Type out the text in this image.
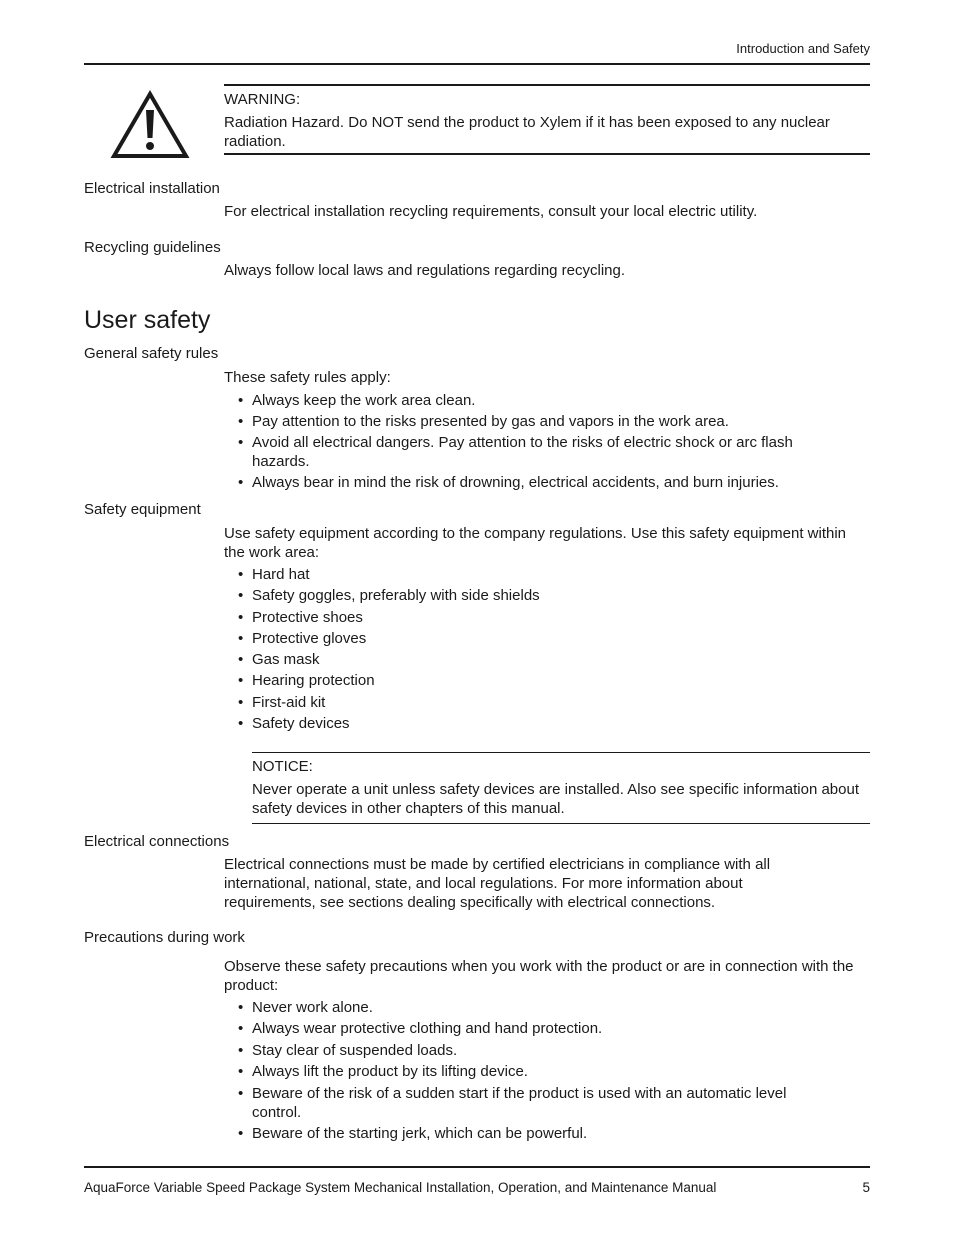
Introduction and Safety
WARNING:
Radiation Hazard. Do NOT send the product to Xylem if it has been exposed to any nuclear radiation.
Electrical installation
For electrical installation recycling requirements, consult your local electric utility.
Recycling guidelines
Always follow local laws and regulations regarding recycling.
User safety
General safety rules
These safety rules apply:
• Always keep the work area clean.
• Pay attention to the risks presented by gas and vapors in the work area.
• Avoid all electrical dangers. Pay attention to the risks of electric shock or arc flash hazards.
• Always bear in mind the risk of drowning, electrical accidents, and burn injuries.
Safety equipment
Use safety equipment according to the company regulations. Use this safety equipment within the work area:
• Hard hat
• Safety goggles, preferably with side shields
• Protective shoes
• Protective gloves
• Gas mask
• Hearing protection
• First-aid kit
• Safety devices
NOTICE:
Never operate a unit unless safety devices are installed. Also see specific information about safety devices in other chapters of this manual.
Electrical connections
Electrical connections must be made by certified electricians in compliance with all international, national, state, and local regulations. For more information about requirements, see sections dealing specifically with electrical connections.
Precautions during work
Observe these safety precautions when you work with the product or are in connection with the product:
• Never work alone.
• Always wear protective clothing and hand protection.
• Stay clear of suspended loads.
• Always lift the product by its lifting device.
• Beware of the risk of a sudden start if the product is used with an automatic level control.
• Beware of the starting jerk, which can be powerful.
AquaForce Variable Speed Package System Mechanical Installation, Operation, and Maintenance Manual	5
